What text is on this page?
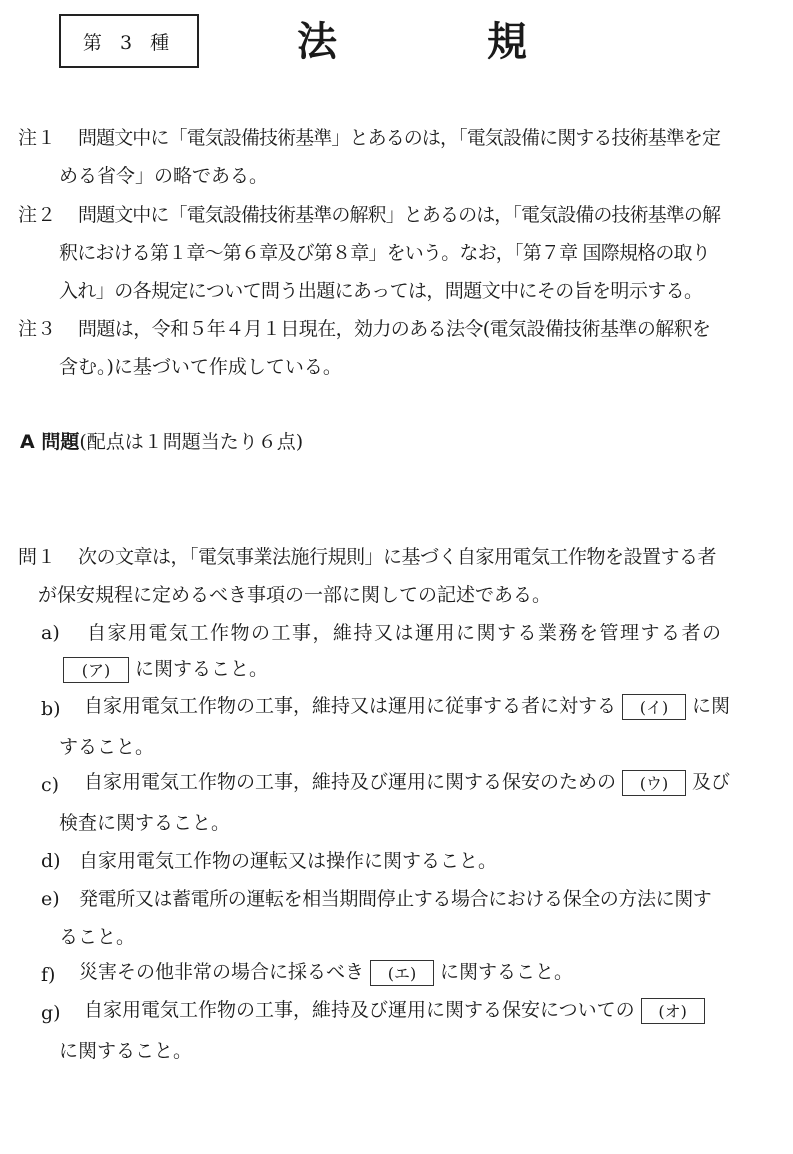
第 3 種	法	規
注１ 問題文中に「電気設備技術基準」とあるのは，「電気設備に関する技術基準を定
める省令」の略である。
注２ 問題文中に「電気設備技術基準の解釈」とあるのは，「電気設備の技術基準の解
釈における第１章～第６章及び第８章」をいう。なお，「第７章 国際規格の取り
入れ」の各規定について問う出題にあっては，問題文中にその旨を明示する。
注３ 問題は，令和５年４月１日現在，効力のある法令(電気設備技術基準の解釈を
含む。)に基づいて作成している。
A 問題(配点は１問題当たり６点)
問１ 次の文章は，「電気事業法施行規則」に基づく自家用電気工作物を設置する者
が保安規程に定めるべき事項の一部に関しての記述である。
a) 自家用電気工作物の工事，維持又は運用に関する業務を管理する者の
(ア) に関すること。
b) 自家用電気工作物の工事，維持又は運用に従事する者に対する (イ) に関
すること。
c) 自家用電気工作物の工事，維持及び運用に関する保安のための (ウ) 及び
検査に関すること。
d) 自家用電気工作物の運転又は操作に関すること。
e) 発電所又は蓄電所の運転を相当期間停止する場合における保全の方法に関す
ること。
f) 災害その他非常の場合に採るべき (エ) に関すること。
g) 自家用電気工作物の工事，維持及び運用に関する保安についての (オ)
に関すること。
